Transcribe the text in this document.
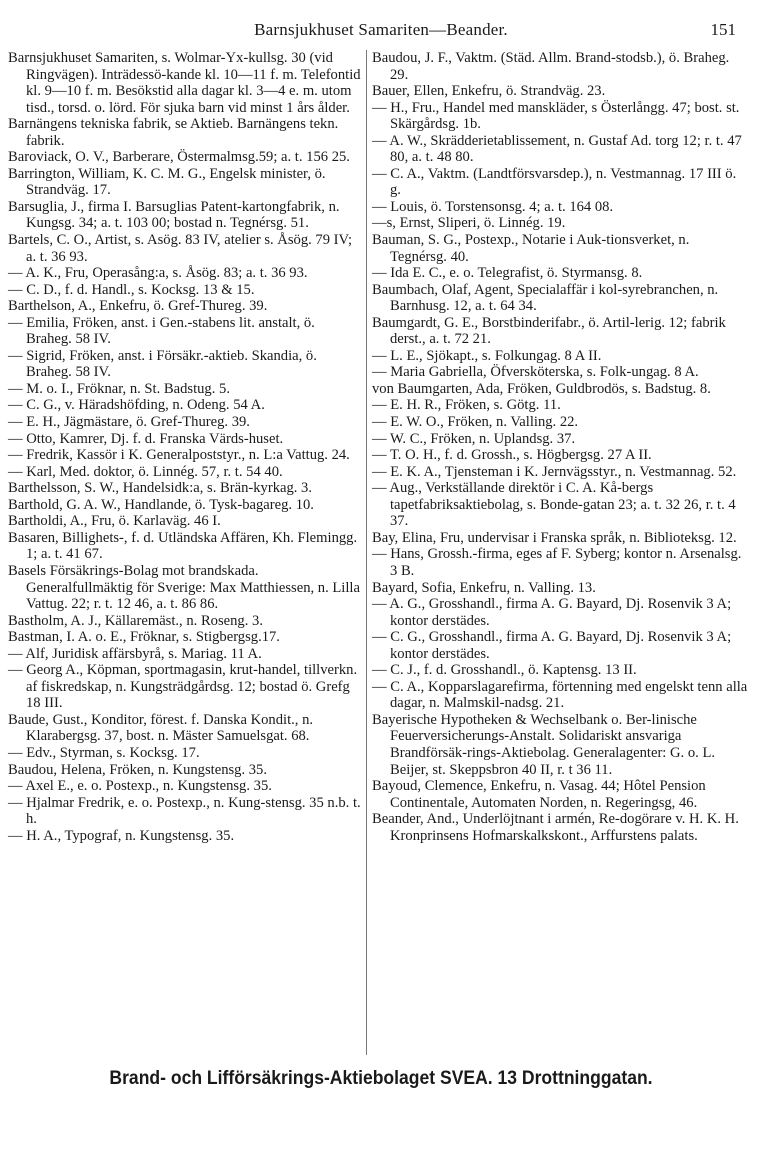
Barnsjukhuset Samariten—Beander.	151

Barnsjukhuset Samariten, s. Wolmar-Yx-kullsg. 30 (vid Ringvägen). Inträdessö-kande kl. 10—11 f. m. Telefontid kl. 9—10 f. m. Besökstid alla dagar kl. 3—4 e. m. utom tisd., torsd. o. lörd. För sjuka barn vid minst 1 års ålder.

Barnängens tekniska fabrik, se Aktieb. Barnängens tekn. fabrik.

Baroviack, O. V., Barberare, Östermalmsg.59; a. t. 156 25.

Barrington, William, K. C. M. G., Engelsk minister, ö. Strandväg. 17.

Barsuglia, J., firma I. Barsuglias Patent-kartongfabrik, n. Kungsg. 34; a. t. 103 00; bostad n. Tegnérsg. 51.

Bartels, C. O., Artist, s. Asög. 83 IV, atelier s. Åsög. 79 IV; a. t. 36 93.

— A. K., Fru, Operasång:a, s. Åsög. 83; a. t. 36 93.

— C. D., f. d. Handl., s. Kocksg. 13 & 15.

Barthelson, A., Enkefru, ö. Gref-Thureg. 39.

— Emilia, Fröken, anst. i Gen.-stabens lit. anstalt, ö. Braheg. 58 IV.

— Sigrid, Fröken, anst. i Försäkr.-aktieb. Skandia, ö. Braheg. 58 IV.

— M. o. I., Fröknar, n. St. Badstug. 5.

— C. G., v. Häradshöfding, n. Odeng. 54 A.

— E. H., Jägmästare, ö. Gref-Thureg. 39.

— Otto, Kamrer, Dj. f. d. Franska Värds-huset.

— Fredrik, Kassör i K. Generalpoststyr., n. L:a Vattug. 24.

— Karl, Med. doktor, ö. Linnég. 57, r. t. 54 40.

Barthelsson, S. W., Handelsidk:a, s. Brän-kyrkag. 3.

Barthold, G. A. W., Handlande, ö. Tysk-bagareg. 10.

Bartholdi, A., Fru, ö. Karlaväg. 46 I.

Basaren, Billighets-, f. d. Utländska Affären, Kh. Flemingg. 1; a. t. 41 67.

Basels Försäkrings-Bolag mot brandskada. Generalfullmäktig för Sverige: Max Matthiessen, n. Lilla Vattug. 22; r. t. 12 46, a. t. 86 86.

Bastholm, A. J., Källaremäst., n. Roseng. 3.

Bastman, I. A. o. E., Fröknar, s. Stigbergsg.17.

— Alf, Juridisk affärsbyrå, s. Mariag. 11 A.

— Georg A., Köpman, sportmagasin, krut-handel, tillverkn. af fiskredskap, n. Kungsträdgårdsg. 12; bostad ö. Grefg 18 III.

Baude, Gust., Konditor, förest. f. Danska Kondit., n. Klarabergsg. 37, bost. n. Mäster Samuelsgat. 68.

— Edv., Styrman, s. Kocksg. 17.

Baudou, Helena, Fröken, n. Kungstensg. 35.

— Axel E., e. o. Postexp., n. Kungstensg. 35.

— Hjalmar Fredrik, e. o. Postexp., n. Kung-stensg. 35 n.b. t. h.

— H. A., Typograf, n. Kungstensg. 35.

Baudou, J. F., Vaktm. (Städ. Allm. Brand-stodsb.), ö. Braheg. 29.

Bauer, Ellen, Enkefru, ö. Strandväg. 23.

— H., Fru., Handel med manskläder, s Österlångg. 47; bost. st. Skärgårdsg. 1b.

— A. W., Skrädderietablissement, n. Gustaf Ad. torg 12; r. t. 47 80, a. t. 48 80.

— C. A., Vaktm. (Landtförsvarsdep.), n. Vestmannag. 17 III ö. g.

— Louis, ö. Torstensonsg. 4; a. t. 164 08.

—s, Ernst, Sliperi, ö. Linnég. 19.

Bauman, S. G., Postexp., Notarie i Auk-tionsverket, n. Tegnérsg. 40.

— Ida E. C., e. o. Telegrafist, ö. Styrmansg. 8.

Baumbach, Olaf, Agent, Specialaffär i kol-syrebranchen, n. Barnhusg. 12, a. t. 64 34.

Baumgardt, G. E., Borstbinderifabr., ö. Artil-lerig. 12; fabrik derst., a. t. 72 21.

— L. E., Sjökapt., s. Folkungag. 8 A II.

— Maria Gabriella, Öfversköterska, s. Folk-ungag. 8 A.

von Baumgarten, Ada, Fröken, Guldbrodös, s. Badstug. 8.

— E. H. R., Fröken, s. Götg. 11.

— E. W. O., Fröken, n. Valling. 22.

— W. C., Fröken, n. Uplandsg. 37.

— T. O. H., f. d. Grossh., s. Högbergsg. 27 A II.

— E. K. A., Tjensteman i K. Jernvägsstyr., n. Vestmannag. 52.

— Aug., Verkställande direktör i C. A. Kå-bergs tapetfabriksaktiebolag, s. Bonde-gatan 23; a. t. 32 26, r. t. 4 37.

Bay, Elina, Fru, undervisar i Franska språk, n. Biblioteksg. 12.

— Hans, Grossh.-firma, eges af F. Syberg; kontor n. Arsenalsg. 3 B.

Bayard, Sofia, Enkefru, n. Valling. 13.

— A. G., Grosshandl., firma A. G. Bayard, Dj. Rosenvik 3 A; kontor derstädes.

— C. G., Grosshandl., firma A. G. Bayard, Dj. Rosenvik 3 A; kontor derstädes.

— C. J., f. d. Grosshandl., ö. Kaptensg. 13 II.

— C. A., Kopparslagarefirma, förtenning med engelskt tenn alla dagar, n. Malmskil-nadsg. 21.

Bayerische Hypotheken & Wechselbank o. Ber-linische Feuerversicherungs-Anstalt. Solidariskt ansvariga Brandförsäk-rings-Aktiebolag. Generalagenter: G. o. L. Beijer, st. Skeppsbron 40 II, r. t 36 11.

Bayoud, Clemence, Enkefru, n. Vasag. 44; Hôtel Pension Continentale, Automaten Norden, n. Regeringsg, 46.

Beander, And., Underlöjtnant i armén, Re-dogörare v. H. K. H. Kronprinsens Hofmarskalkskont., Arffurstens palats.

Brand- och Lifförsäkrings-Aktiebolaget SVEA. 13 Drottninggatan.
